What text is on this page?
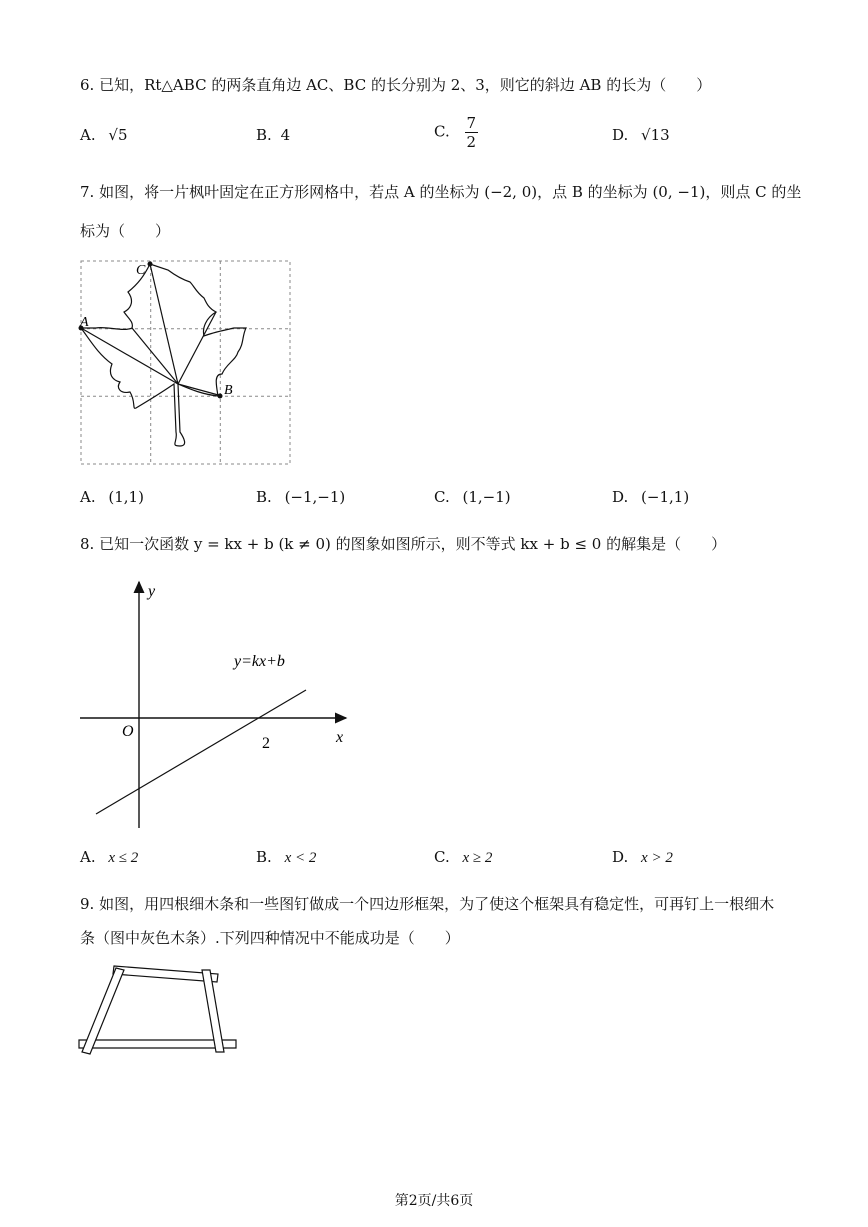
6. 已知，Rt△ABC 的两条直角边 AC、BC 的长分别为 2、3，则它的斜边 AB 的长为（　　）
A. √5	B. 4	C. $\frac{7}{2}$	D. √13
7. 如图，将一片枫叶固定在正方形网格中，若点 A 的坐标为 (−2, 0)，点 B 的坐标为 (0, −1)，则点 C 的坐
标为（　　）
C
A
B
A. (1,1)	B. (−1,−1)	C. (1,−1)	D. (−1,1)
8. 已知一次函数 y = kx + b (k ≠ 0) 的图象如图所示，则不等式 kx + b ≤ 0 的解集是（　　）
y
x
O
2
y=kx+b
A. x ≤ 2	B. x < 2	C. x ≥ 2	D. x > 2
9. 如图，用四根细木条和一些图钉做成一个四边形框架，为了使这个框架具有稳定性，可再钉上一根细木
条（图中灰色木条）.下列四种情况中不能成功是（　　）
第2页/共6页
